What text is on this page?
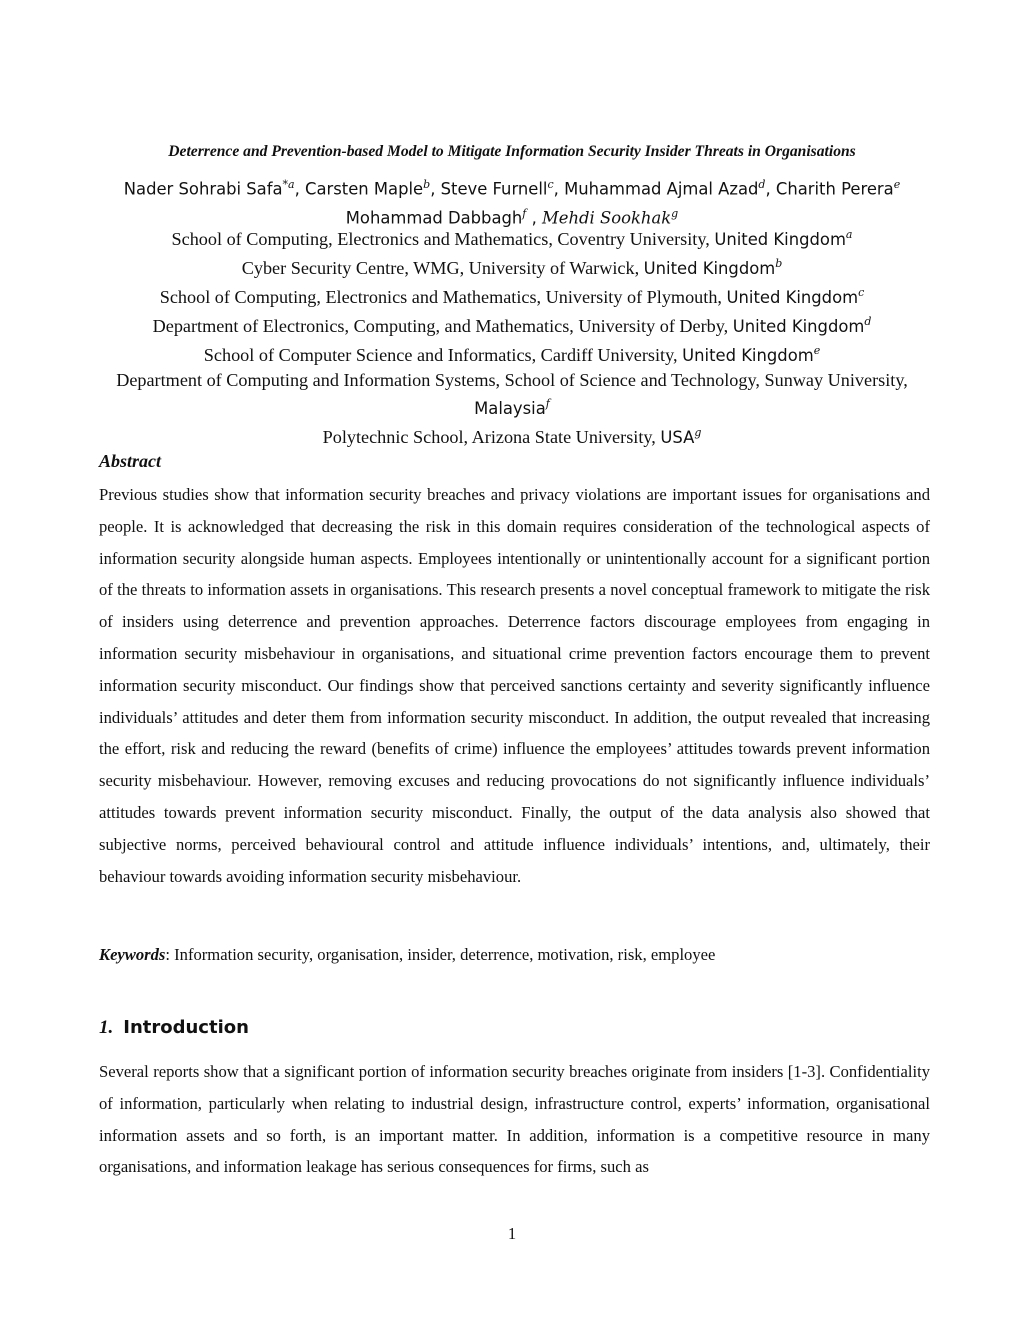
Deterrence and Prevention-based Model to Mitigate Information Security Insider Threats in Organisations
Nader Sohrabi Safa$^{*a}$, Carsten Maple$^b$, Steve Furnell$^c$, Muhammad Ajmal Azad$^d$, Charith Perera$^e$
Mohammad Dabbagh$^f$ , Mehdi Sookhak$^g$
School of Computing, Electronics and Mathematics, Coventry University, United Kingdom$^a$
Cyber Security Centre, WMG, University of Warwick, United Kingdom$^b$
School of Computing, Electronics and Mathematics, University of Plymouth, United Kingdom$^c$
Department of Electronics, Computing, and Mathematics, University of Derby, United Kingdom$^d$
School of Computer Science and Informatics, Cardiff University, United Kingdom$^e$
Department of Computing and Information Systems, School of Science and Technology, Sunway University, Malaysia$^f$
Polytechnic School, Arizona State University, USA$^g$
Abstract

Previous studies show that information security breaches and privacy violations are important issues for organisations and people. It is acknowledged that decreasing the risk in this domain requires consideration of the technological aspects of information security alongside human aspects. Employees intentionally or unintentionally account for a significant portion of the threats to information assets in organisations. This research presents a novel conceptual framework to mitigate the risk of insiders using deterrence and prevention approaches. Deterrence factors discourage employees from engaging in information security misbehaviour in organisations, and situational crime prevention factors encourage them to prevent information security misconduct. Our findings show that perceived sanctions certainty and severity significantly influence individuals’ attitudes and deter them from information security misconduct. In addition, the output revealed that increasing the effort, risk and reducing the reward (benefits of crime) influence the employees’ attitudes towards prevent information security misbehaviour. However, removing excuses and reducing provocations do not significantly influence individuals’ attitudes towards prevent information security misconduct. Finally, the output of the data analysis also showed that subjective norms, perceived behavioural control and attitude influence individuals’ intentions, and, ultimately, their behaviour towards avoiding information security misbehaviour.

Keywords: Information security, organisation, insider, deterrence, motivation, risk, employee
1. Introduction

Several reports show that a significant portion of information security breaches originate from insiders [1-3]. Confidentiality of information, particularly when relating to industrial design, infrastructure control, experts’ information, organisational information assets and so forth, is an important matter. In addition, information is a competitive resource in many organisations, and information leakage has serious consequences for firms, such as

1
